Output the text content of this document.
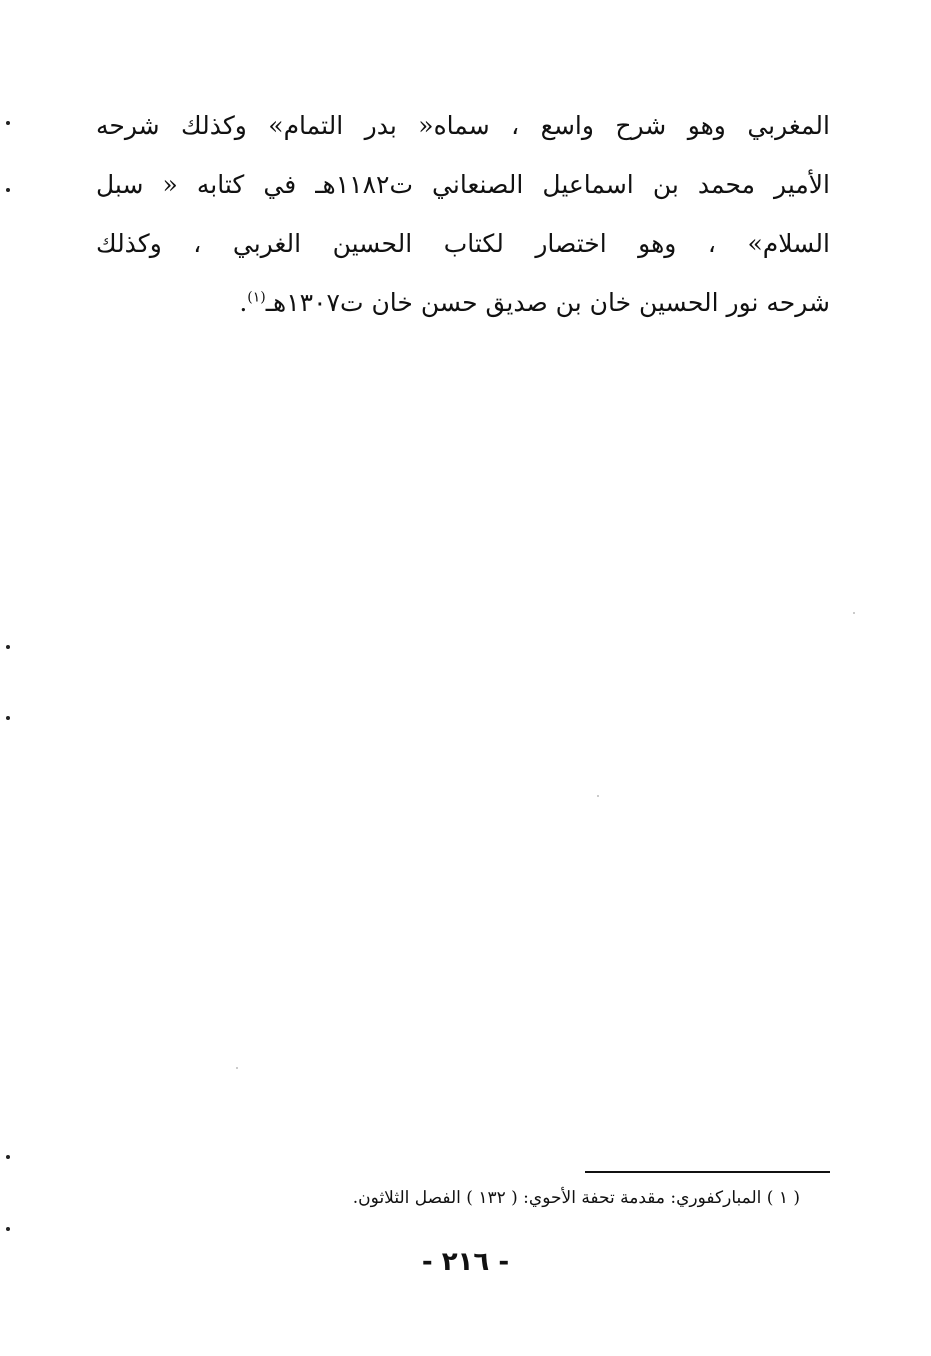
المغربي وهو شرح واسع ، سماه« بدر التمام» وكذلك شرحه
الأمير محمد بن اسماعيل الصنعاني ت١١٨٢هـ في كتابه « سبل
السلام» ، وهو اختصار لكتاب الحسين الغربي ، وكذلك
شرحه نور الحسين خان بن صديق حسن خان ت١٣٠٧هـ$^{(١)}$.
( ١ ) المباركفوري: مقدمة تحفة الأحوي: ( ١٣٢ ) الفصل الثلاثون.
- ٢١٦ -
